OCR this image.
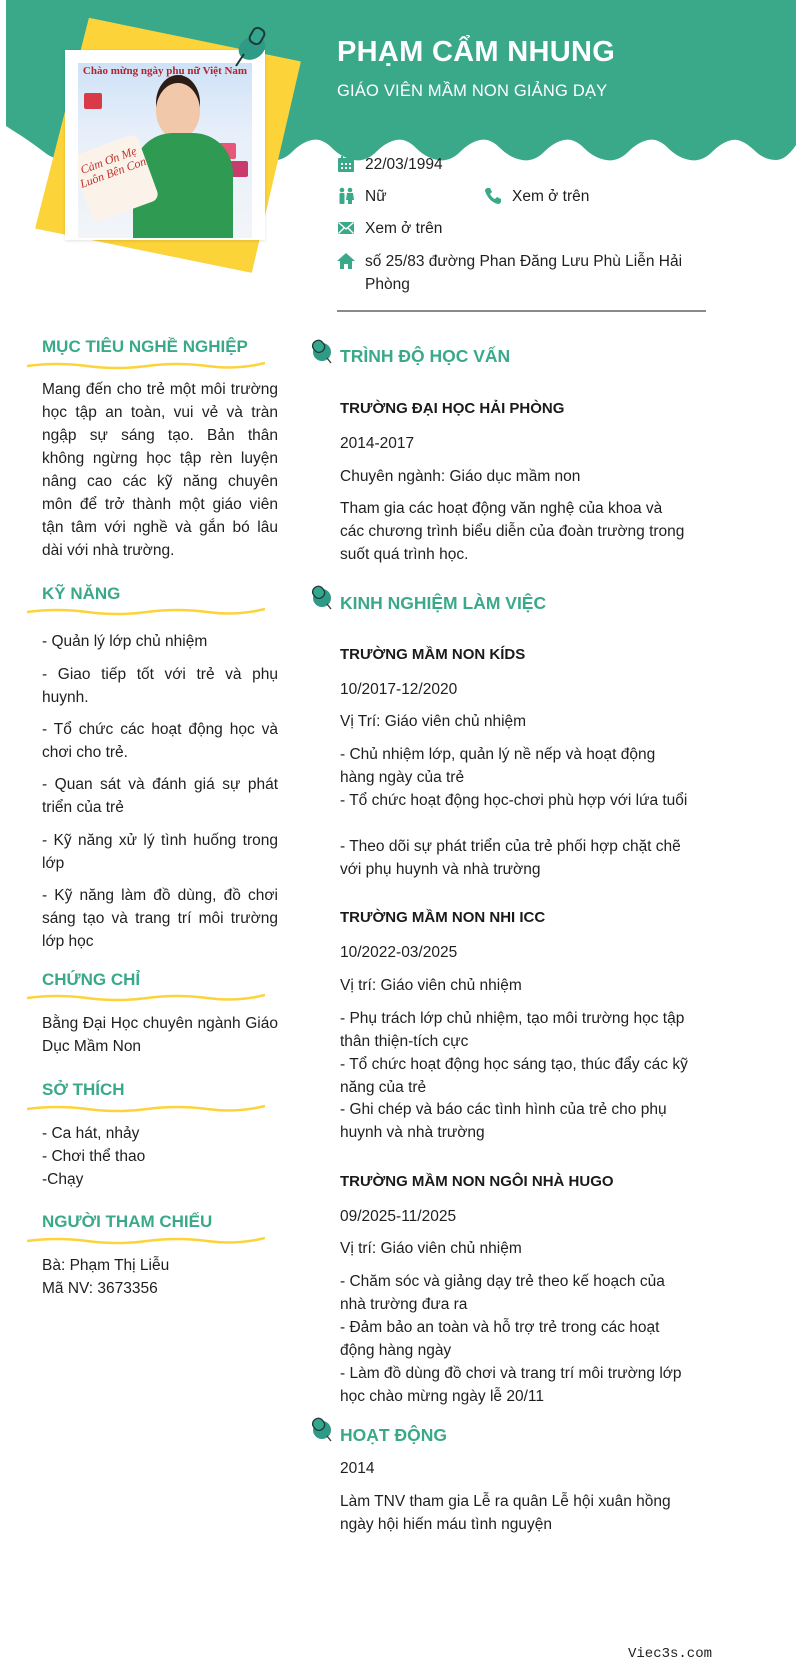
Chào mừng ngày phụ nữ Việt Nam
Cảm Ơn Mẹ Luôn Bên Con
PHẠM CẨM NHUNG
GIÁO VIÊN MẦM NON GIẢNG DẠY
22/03/1994
Nữ	Xem ở trên
Xem ở trên
số 25/83 đường Phan Đăng Lưu Phù Liễn Hải Phòng
MỤC TIÊU NGHỀ NGHIỆP
Mang đến cho trẻ một môi trường học tập an toàn, vui vẻ và tràn ngập sự sáng tạo. Bản thân không ngừng học tập rèn luyện nâng cao các kỹ năng chuyên môn để trở thành một giáo viên tận tâm với nghề và gắn bó lâu dài với nhà trường.
KỸ NĂNG
- Quản lý lớp chủ nhiệm
- Giao tiếp tốt với trẻ và phụ huynh.
- Tổ chức các hoạt động học và chơi cho trẻ.
- Quan sát và đánh giá sự phát triển của trẻ
- Kỹ năng xử lý tình huống trong lớp
- Kỹ năng làm đồ dùng, đồ chơi sáng tạo và trang trí môi trường lớp học
CHỨNG CHỈ
Bằng Đại Học chuyên ngành Giáo Dục Mầm Non
SỞ THÍCH
- Ca hát, nhảy
- Chơi thể thao
-Chạy
NGƯỜI THAM CHIẾU
Bà: Phạm Thị Liễu
Mã NV: 3673356
TRÌNH ĐỘ HỌC VẤN
TRƯỜNG ĐẠI HỌC HẢI PHÒNG
2014-2017
Chuyên ngành: Giáo dục mầm non
Tham gia các hoạt động văn nghệ của khoa và các chương trình biểu diễn của đoàn trường trong suốt quá trình học.
KINH NGHIỆM LÀM VIỆC
TRƯỜNG MẦM NON KÍDS
10/2017-12/2020
Vị Trí: Giáo viên chủ nhiệm
- Chủ nhiệm lớp, quản lý nề nếp và hoạt động hàng ngày của trẻ
- Tổ chức hoạt động học-chơi phù hợp với lứa tuổi
- Theo dõi sự phát triển của trẻ phối hợp chặt chẽ với phụ huynh và nhà trường
TRƯỜNG MẦM NON NHI ICC
10/2022-03/2025
Vị trí: Giáo viên chủ nhiệm
- Phụ trách lớp chủ nhiệm, tạo môi trường học tập thân thiện-tích cực
- Tổ chức hoạt động học sáng tạo, thúc đẩy các kỹ năng của trẻ
- Ghi chép và báo các tình hình của trẻ cho phụ huynh và nhà trường
TRƯỜNG MẦM NON NGÔI NHÀ HUGO
09/2025-11/2025
Vị trí: Giáo viên chủ nhiệm
- Chăm sóc và giảng dạy trẻ theo kế hoạch của nhà trường đưa ra
- Đảm bảo an toàn và hỗ trợ trẻ trong các hoạt động hàng ngày
- Làm đồ dùng đồ chơi và trang trí môi trường lớp học chào mừng ngày lễ 20/11
HOẠT ĐỘNG
2014
Làm TNV tham gia Lễ ra quân Lễ hội xuân hồng ngày hội hiến máu tình nguyện
Viec3s.com
